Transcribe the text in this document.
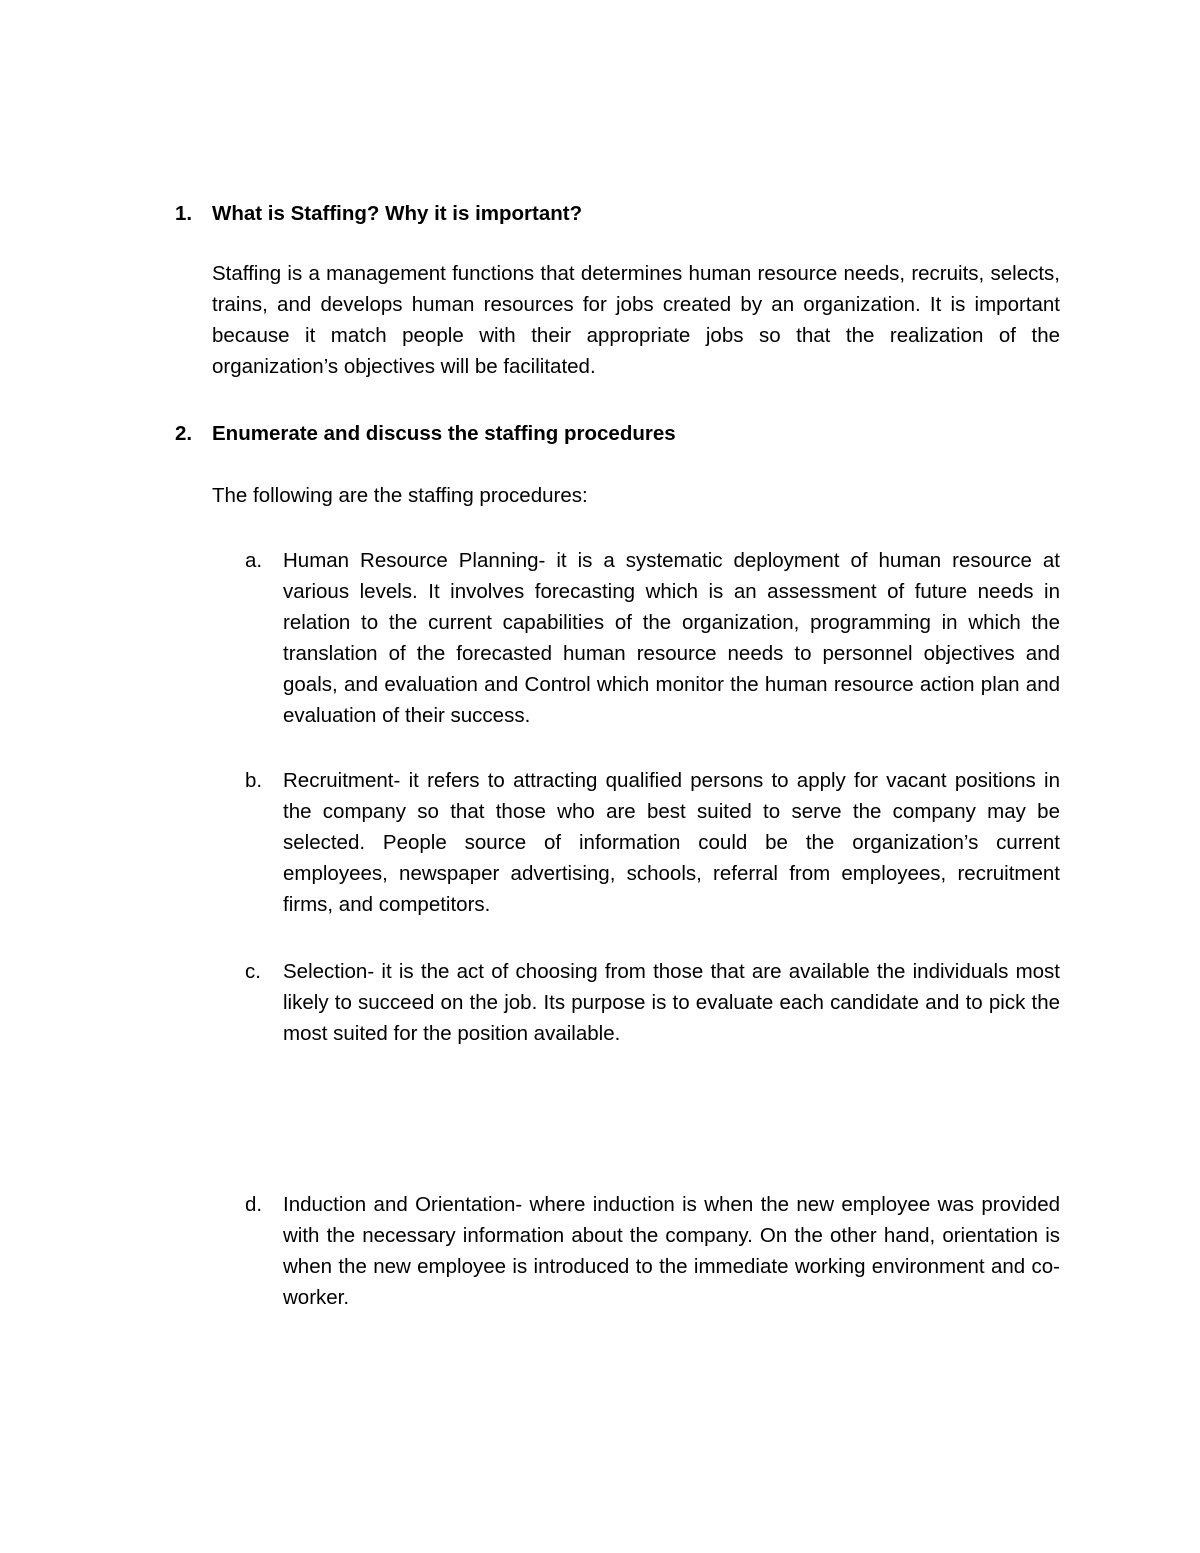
1. What is Staffing? Why it is important?
Staffing is a management functions that determines human resource needs, recruits, selects, trains, and develops human resources for jobs created by an organization. It is important because it match people with their appropriate jobs so that the realization of the organization’s objectives will be facilitated.
2. Enumerate and discuss the staffing procedures
The following are the staffing procedures:
a. Human Resource Planning- it is a systematic deployment of human resource at various levels. It involves forecasting which is an assessment of future needs in relation to the current capabilities of the organization, programming in which the translation of the forecasted human resource needs to personnel objectives and goals, and evaluation and Control which monitor the human resource action plan and evaluation of their success.
b. Recruitment- it refers to attracting qualified persons to apply for vacant positions in the company so that those who are best suited to serve the company may be selected. People source of information could be the organization’s current employees, newspaper advertising, schools, referral from employees, recruitment firms, and competitors.
c. Selection- it is the act of choosing from those that are available the individuals most likely to succeed on the job. Its purpose is to evaluate each candidate and to pick the most suited for the position available.
d. Induction and Orientation- where induction is when the new employee was provided with the necessary information about the company. On the other hand, orientation is when the new employee is introduced to the immediate working environment and co-worker.
